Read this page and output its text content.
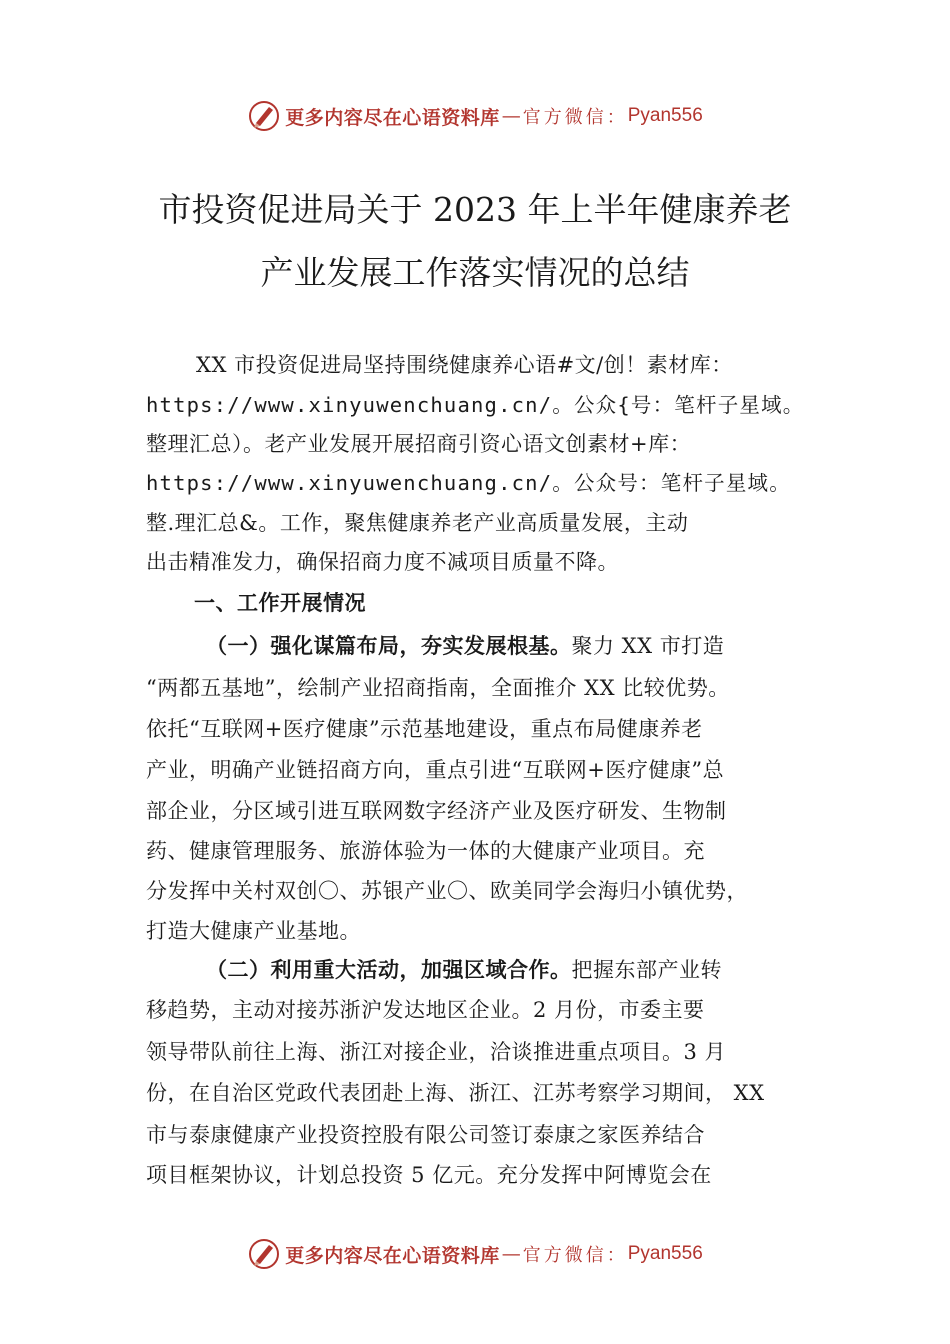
更多内容尽在心语资料库 — 官方微信： Pyan556
市投资促进局关于 2023 年上半年健康养老
产业发展工作落实情况的总结
XX 市投资促进局坚持围绕健康养心语#文/创！素材库：
https://www.xinyuwenchuang.cn/。公众{号：笔杆子星域。
整理汇总）。老产业发展开展招商引资心语文创素材+库：
https://www.xinyuwenchuang.cn/。公众号：笔杆子星域。
整.理汇总&。工作，聚焦健康养老产业高质量发展，主动
出击精准发力，确保招商力度不减项目质量不降。
一、工作开展情况
（一）强化谋篇布局，夯实发展根基。聚力 XX 市打造
“两都五基地”，绘制产业招商指南，全面推介 XX 比较优势。
依托“互联网+医疗健康”示范基地建设，重点布局健康养老
产业，明确产业链招商方向，重点引进“互联网+医疗健康”总
部企业，分区域引进互联网数字经济产业及医疗研发、生物制
药、健康管理服务、旅游体验为一体的大健康产业项目。充
分发挥中关村双创〇、苏银产业〇、欧美同学会海归小镇优势，
打造大健康产业基地。
（二）利用重大活动，加强区域合作。把握东部产业转
移趋势，主动对接苏浙沪发达地区企业。2 月份，市委主要
领导带队前往上海、浙江对接企业，洽谈推进重点项目。3 月
份，在自治区党政代表团赴上海、浙江、江苏考察学习期间， XX
市与泰康健康产业投资控股有限公司签订泰康之家医养结合
项目框架协议，计划总投资 5 亿元。充分发挥中阿博览会在
更多内容尽在心语资料库 — 官方微信： Pyan556
